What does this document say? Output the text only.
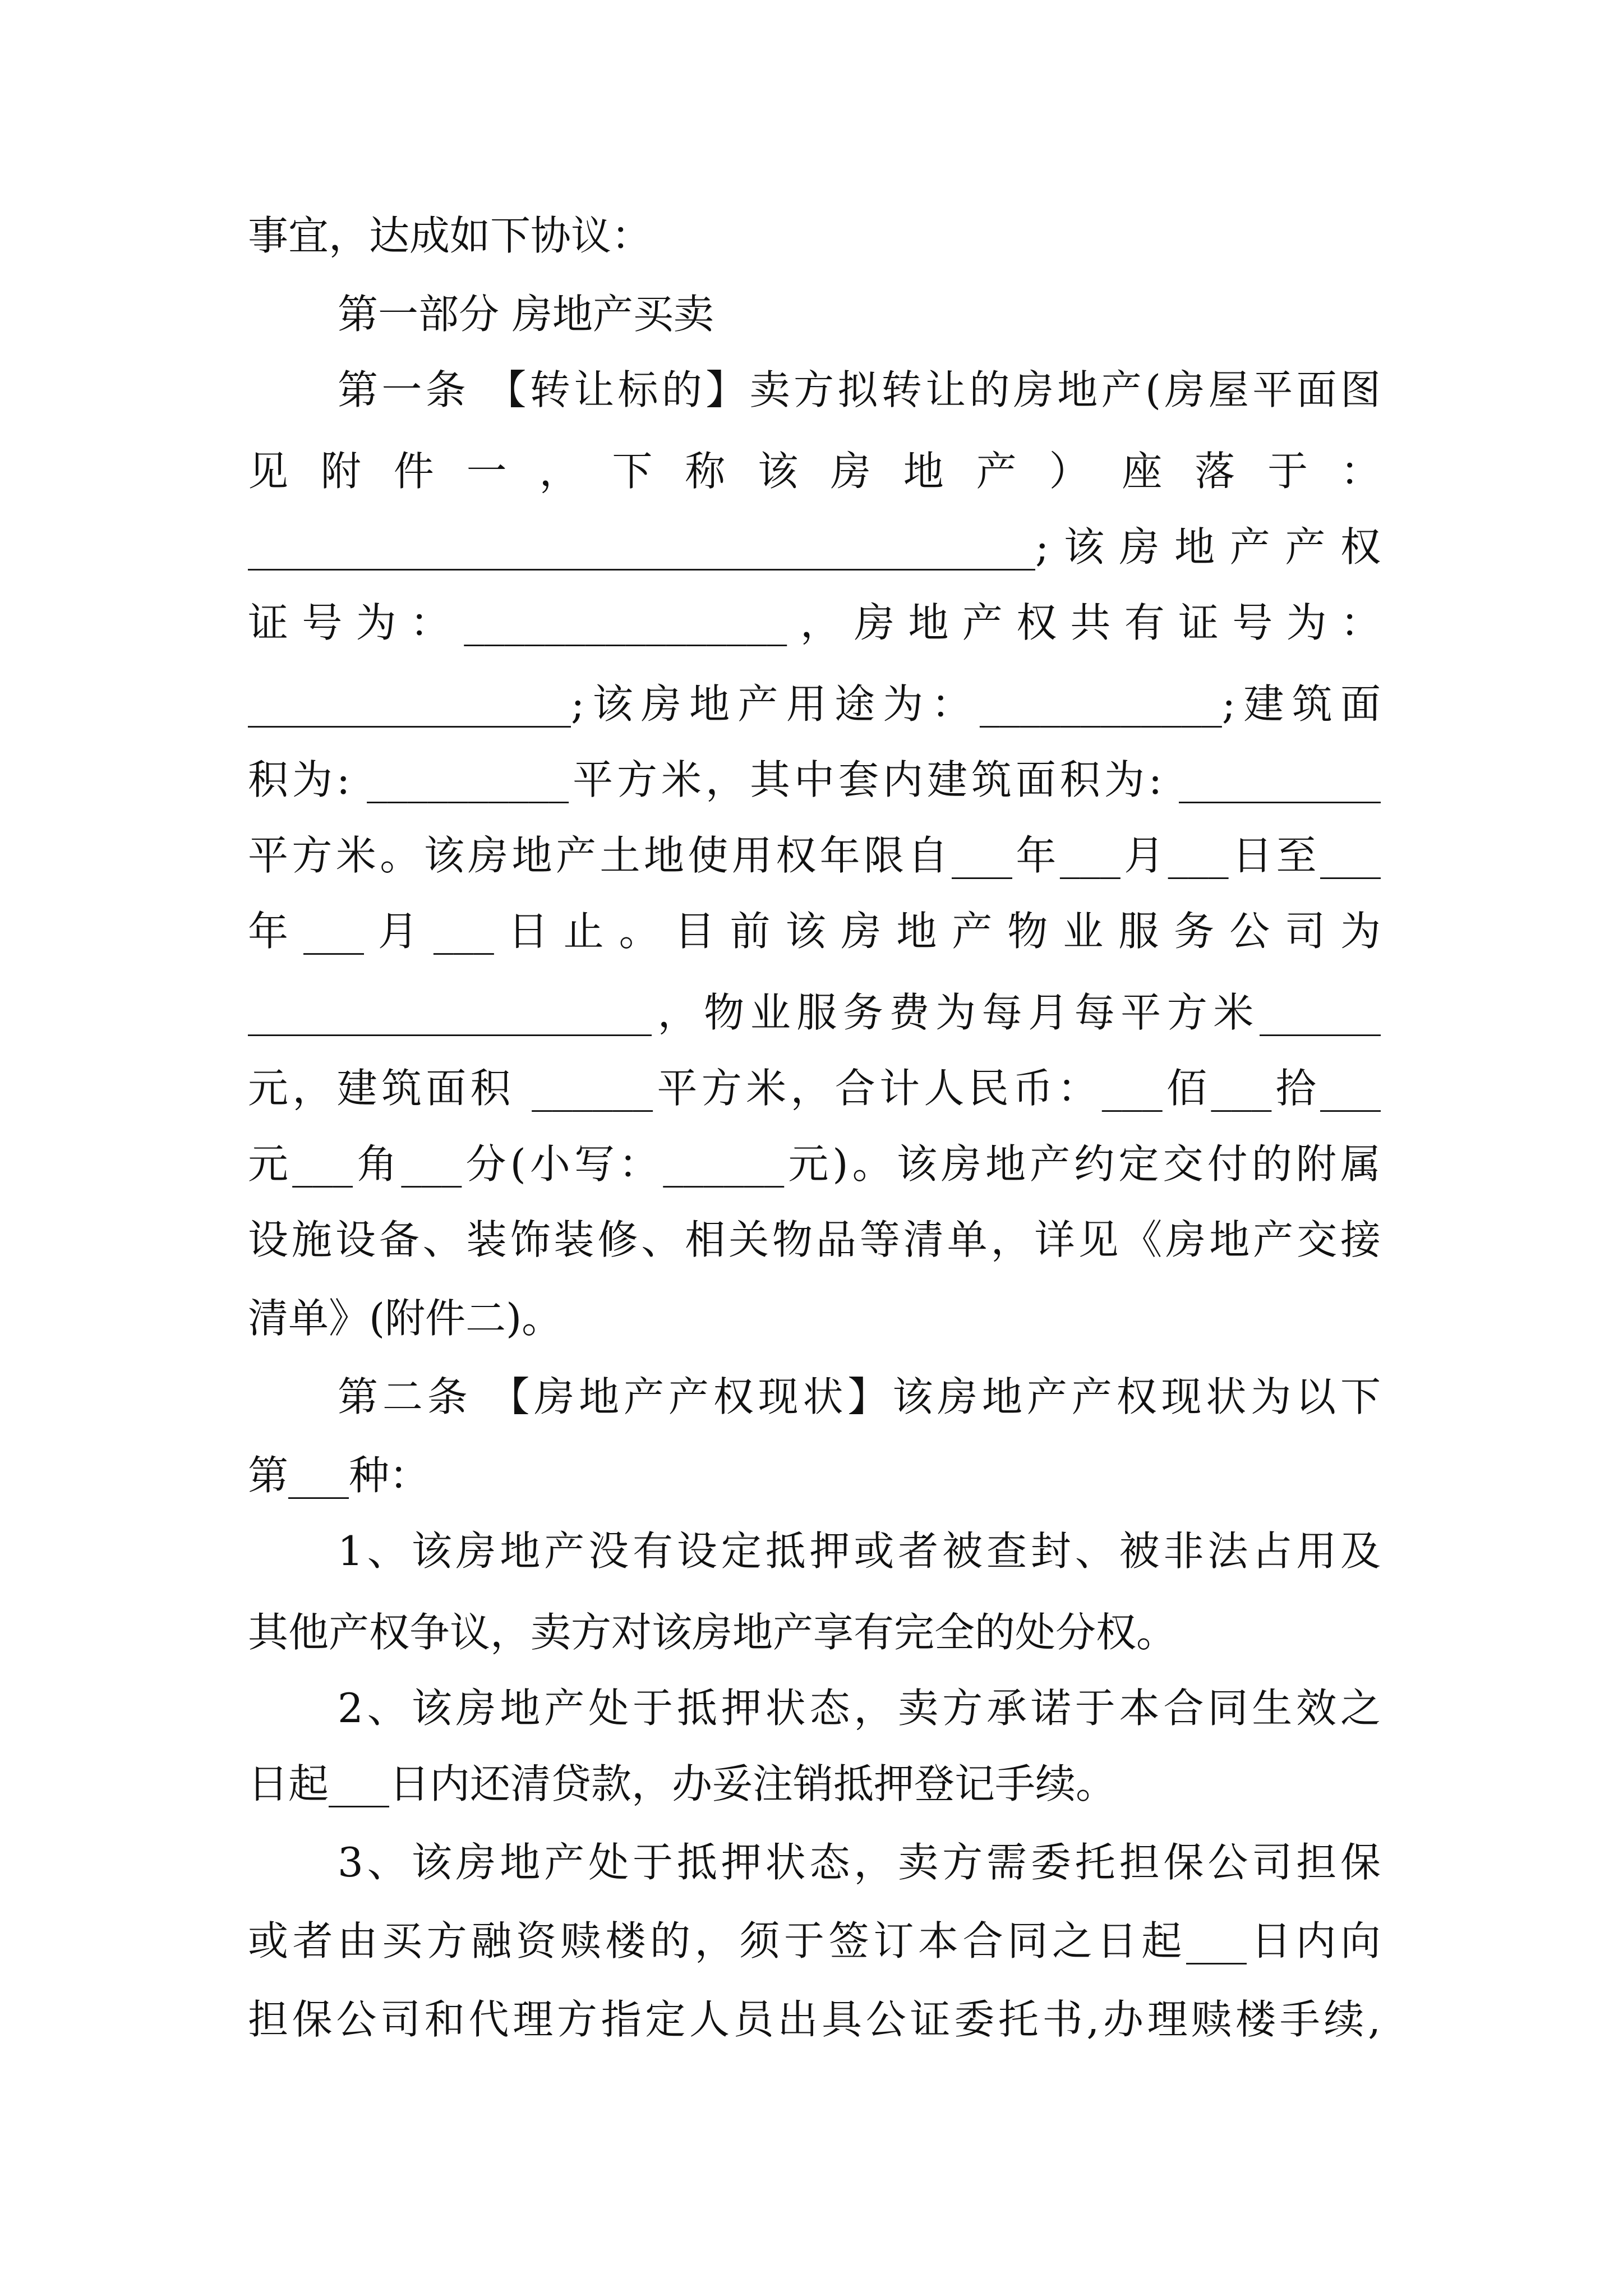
事宜，达成如下协议：
第一部分 房地产买卖
第一条 【转让标的】卖方拟转让的房地产(房屋平面图
见 附 件 一 ， 下 称 该 房 地 产 ） 座 落 于 ：
_______________________________________;该房地产产权
证 号 为 ： ________________ ， 房 地 产 权 共 有 证 号 为 ：
________________;该房地产用途为：____________;建筑面
积为: __________平方米，其中套内建筑面积为: __________
平方米。该房地产土地使用权年限自___年___月___日至___
年 ___ 月 ___ 日 止 。 目 前 该 房 地 产 物 业 服 务 公 司 为
____________________，物业服务费为每月每平方米______
元，建筑面积 ______平方米，合计人民币：___佰___拾___
元___角___分(小写：______元)。该房地产约定交付的附属
设施设备、装饰装修、相关物品等清单，详见《房地产交接
清单》(附件二)。
第二条 【房地产产权现状】该房地产产权现状为以下
第___种：
1、该房地产没有设定抵押或者被查封、被非法占用及
其他产权争议，卖方对该房地产享有完全的处分权。
2、该房地产处于抵押状态，卖方承诺于本合同生效之
日起___日内还清贷款，办妥注销抵押登记手续。
3、该房地产处于抵押状态，卖方需委托担保公司担保
或者由买方融资赎楼的，须于签订本合同之日起___日内向
担保公司和代理方指定人员出具公证委托书,办理赎楼手续,
